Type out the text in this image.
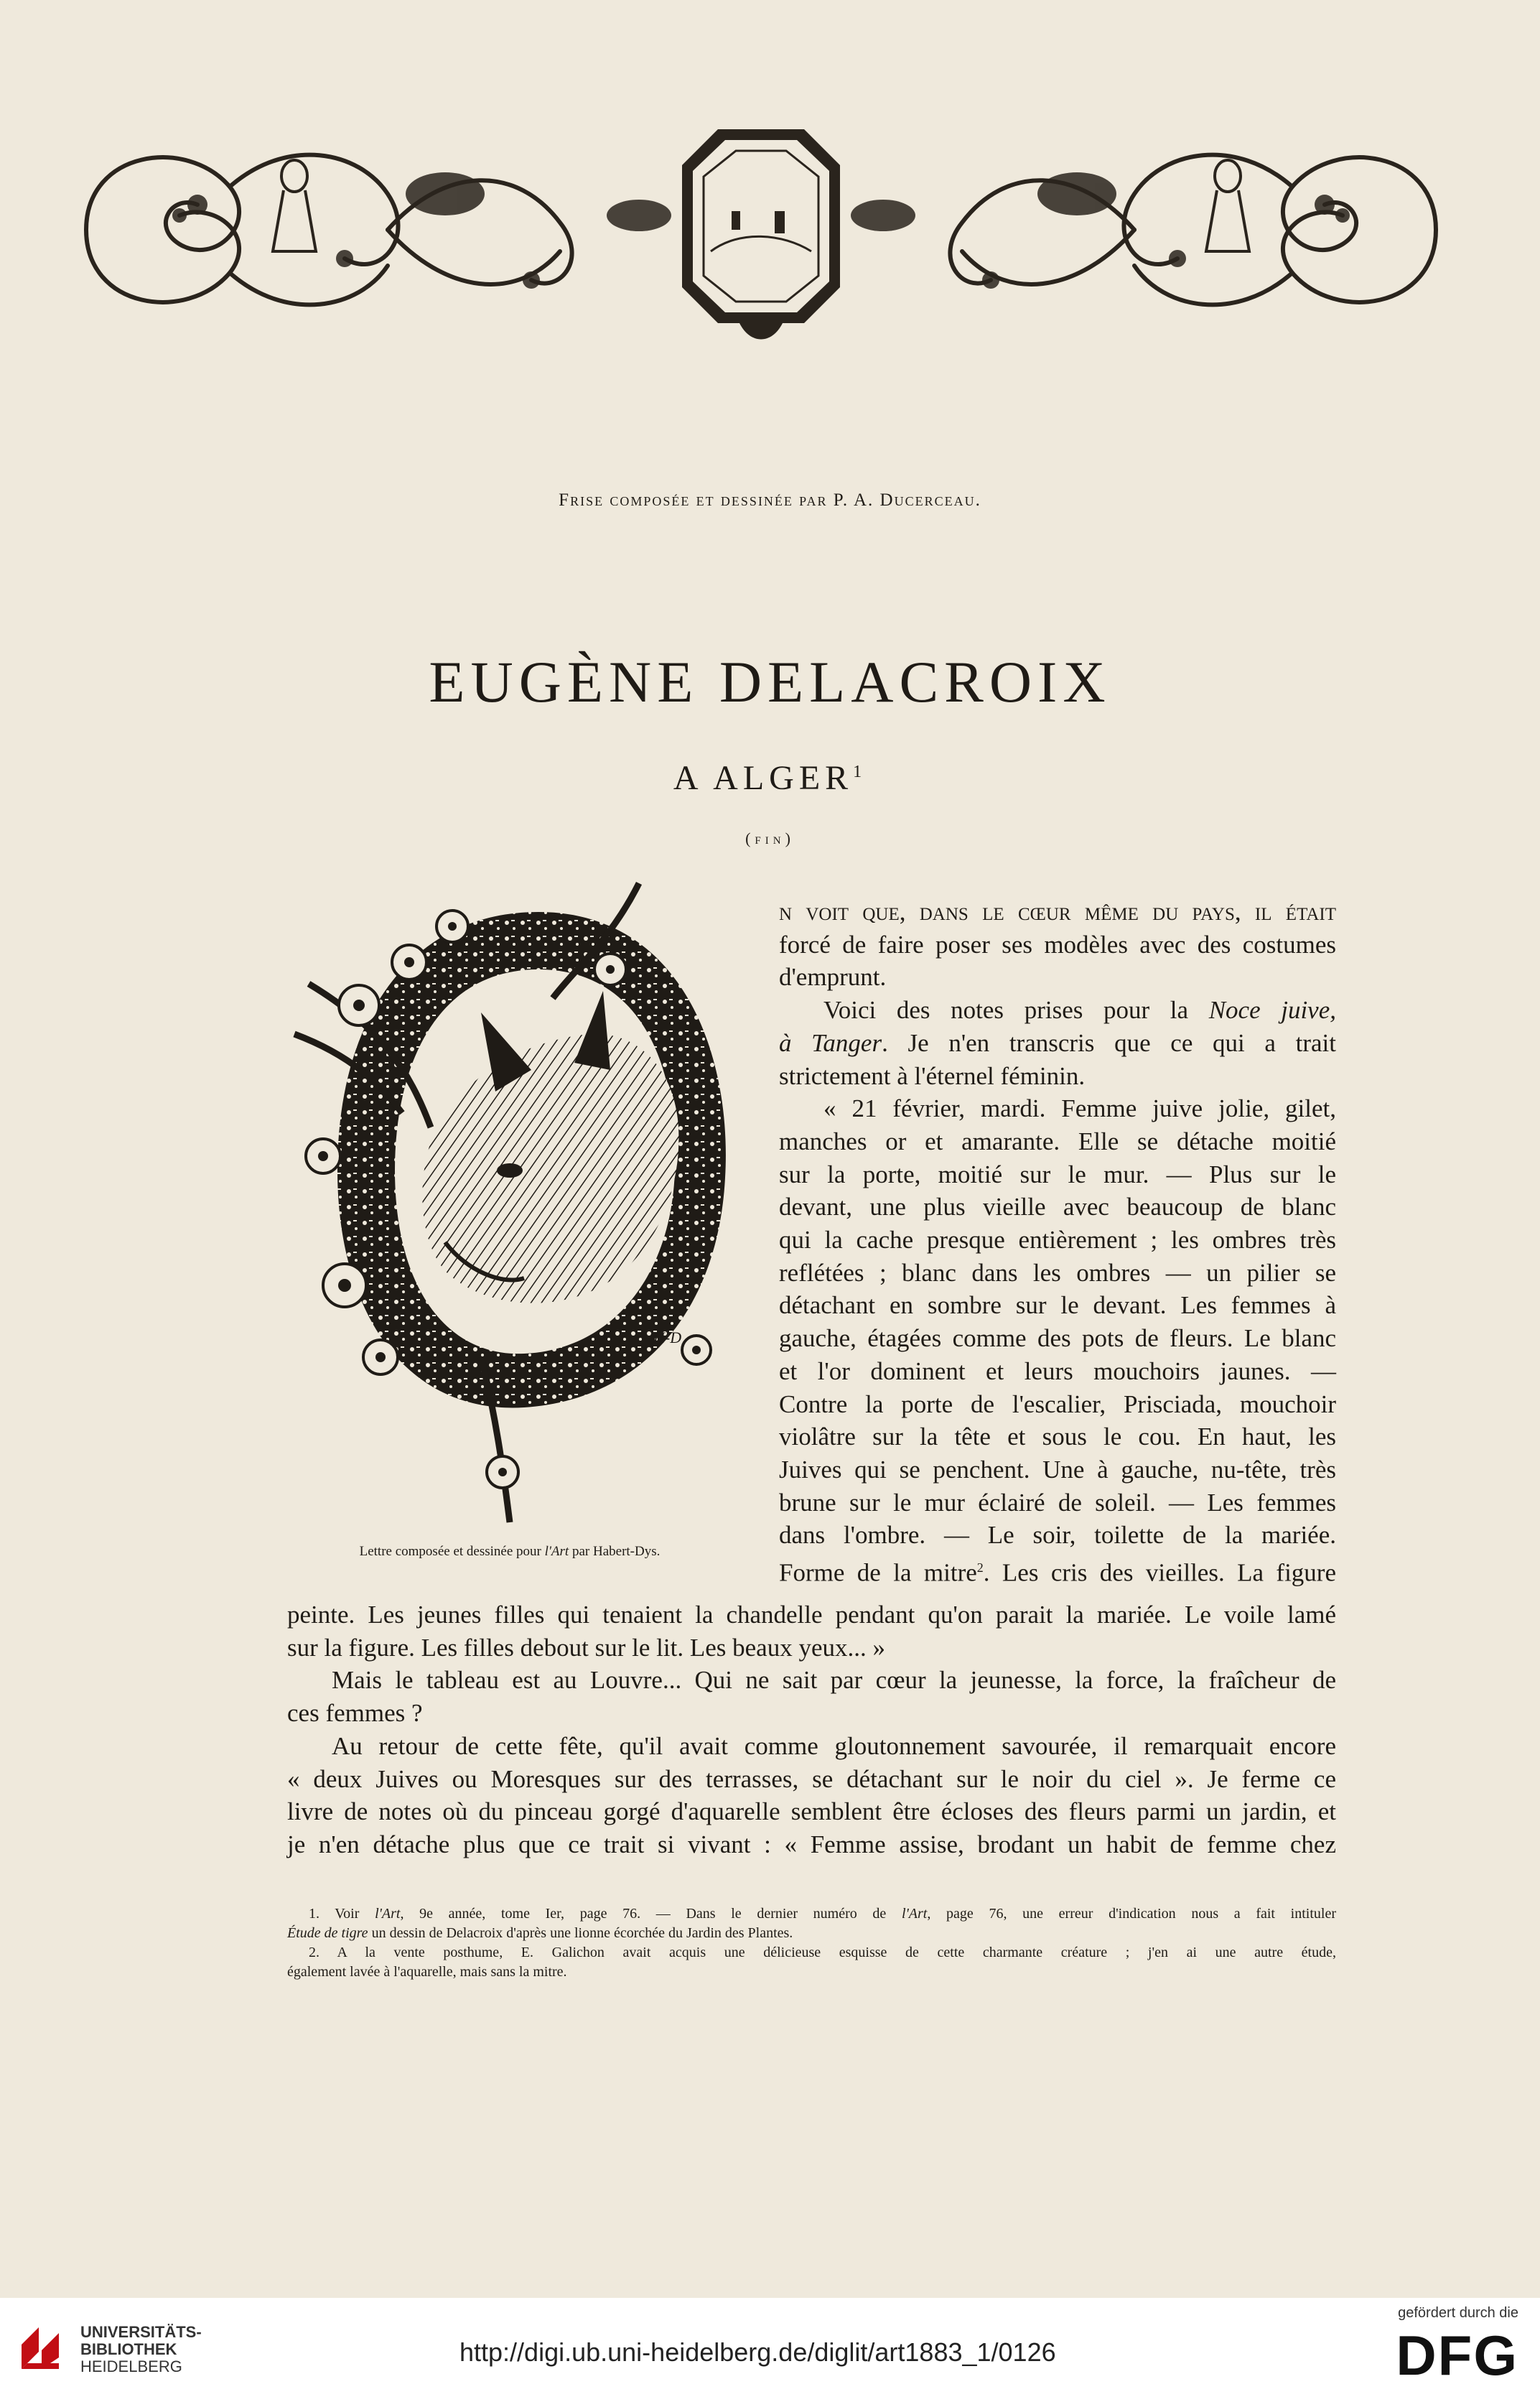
Frise composée et dessinée par P. A. Ducerceau.
EUGÈNE DELACROIX
A ALGER$^1$
(fin)
H-D
Lettre composée et dessinée pour l'Art par Habert-Dys.
n voit que, dans le cœur même du pays, il était
forcé de faire poser ses modèles avec des costumes
d'emprunt.
Voici des notes prises pour la Noce juive,
à Tanger. Je n'en transcris que ce qui a trait
strictement à l'éternel féminin.
« 21 février, mardi. Femme juive jolie, gilet,
manches or et amarante. Elle se détache moitié
sur la porte, moitié sur le mur. — Plus sur le
devant, une plus vieille avec beaucoup de blanc
qui la cache presque entièrement ; les ombres très
reflétées ; blanc dans les ombres — un pilier se
détachant en sombre sur le devant. Les femmes à
gauche, étagées comme des pots de fleurs. Le blanc
et l'or dominent et leurs mouchoirs jaunes. —
Contre la porte de l'escalier, Prisciada, mouchoir
violâtre sur la tête et sous le cou. En haut, les
Juives qui se penchent. Une à gauche, nu-tête, très
brune sur le mur éclairé de soleil. — Les femmes
dans l'ombre. — Le soir, toilette de la mariée.
Forme de la mitre$^2$. Les cris des vieilles. La figure
peinte. Les jeunes filles qui tenaient la chandelle pendant qu'on parait la mariée. Le voile lamé
sur la figure. Les filles debout sur le lit. Les beaux yeux... »
Mais le tableau est au Louvre... Qui ne sait par cœur la jeunesse, la force, la fraîcheur de
ces femmes ?
Au retour de cette fête, qu'il avait comme gloutonnement savourée, il remarquait encore
« deux Juives ou Moresques sur des terrasses, se détachant sur le noir du ciel ». Je ferme ce
livre de notes où du pinceau gorgé d'aquarelle semblent être écloses des fleurs parmi un jardin, et
je n'en détache plus que ce trait si vivant : « Femme assise, brodant un habit de femme chez
1. Voir l'Art, 9e année, tome Ier, page 76. — Dans le dernier numéro de l'Art, page 76, une erreur d'indication nous a fait intituler
Étude de tigre un dessin de Delacroix d'après une lionne écorchée du Jardin des Plantes.
2. A la vente posthume, E. Galichon avait acquis une délicieuse esquisse de cette charmante créature ; j'en ai une autre étude,
également lavée à l'aquarelle, mais sans la mitre.
UNIVERSITÄTS-
BIBLIOTHEK
HEIDELBERG	http://digi.ub.uni-heidelberg.de/diglit/art1883_1/0126
gefördert durch die
DFG
